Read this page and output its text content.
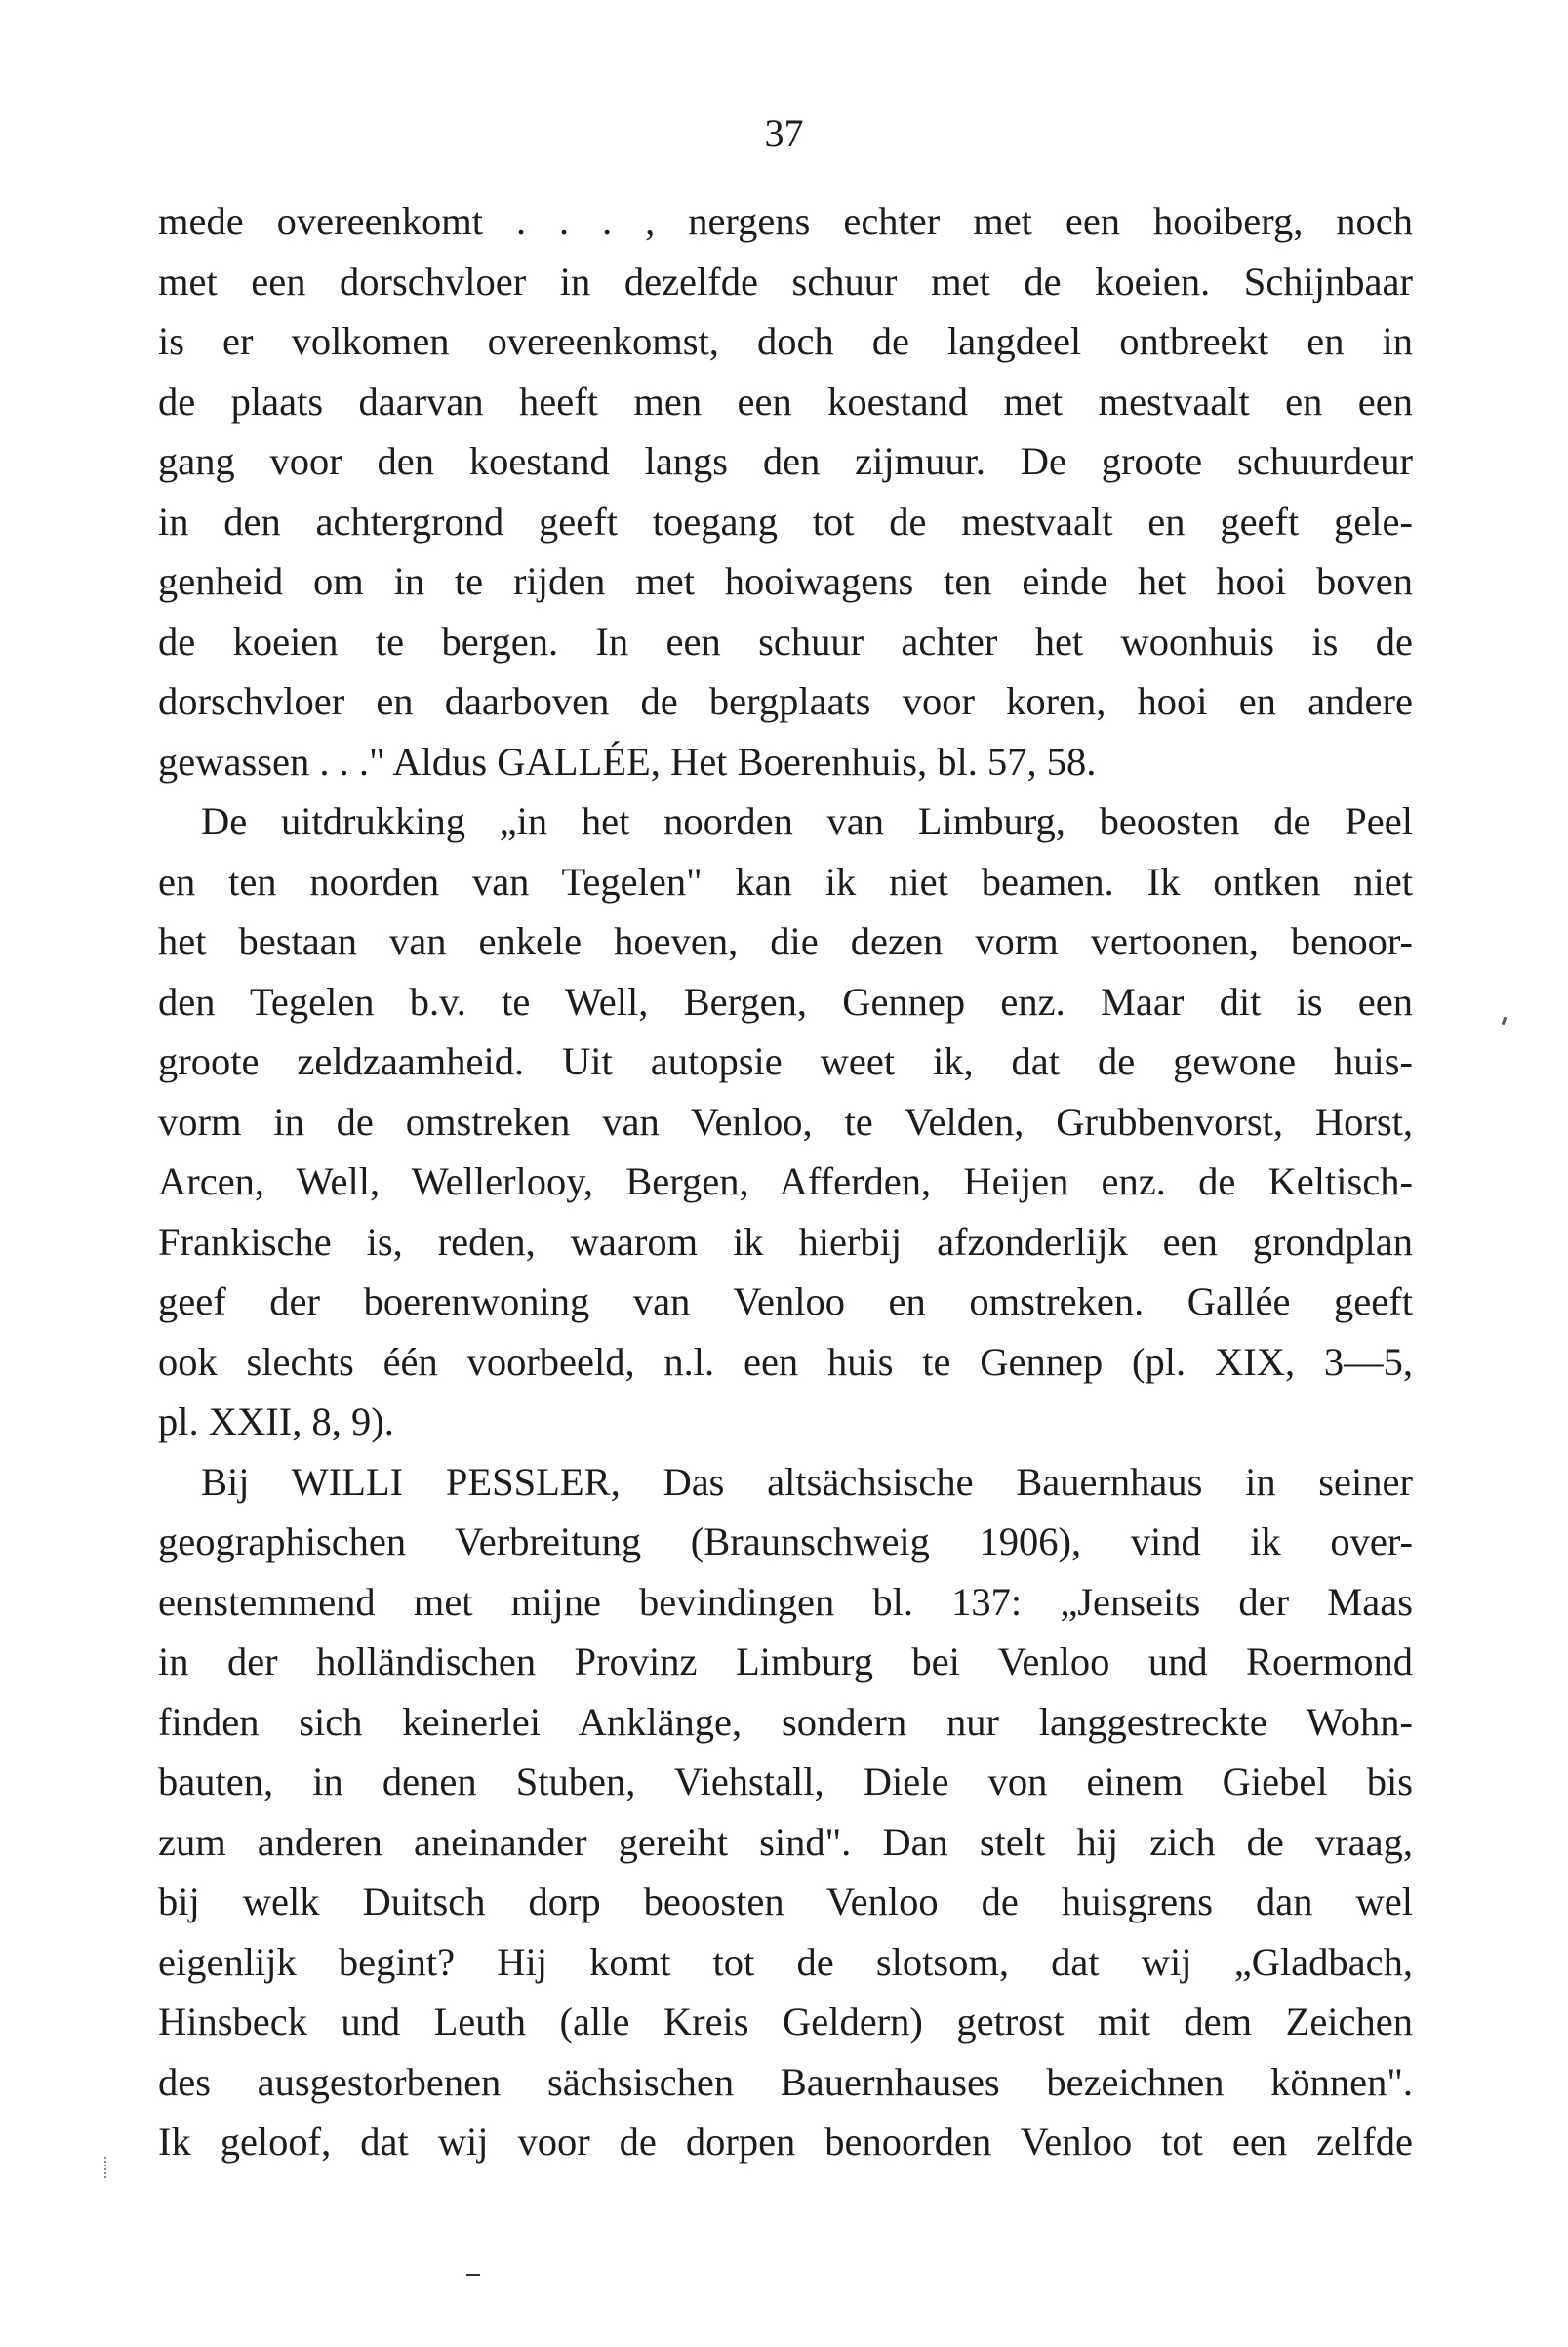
37
mede overeenkomt . . . , nergens echter met een hooiberg, noch
met een dorschvloer in dezelfde schuur met de koeien. Schijnbaar
is er volkomen overeenkomst, doch de langdeel ontbreekt en in
de plaats daarvan heeft men een koestand met mestvaalt en een
gang voor den koestand langs den zijmuur. De groote schuurdeur
in den achtergrond geeft toegang tot de mestvaalt en geeft gele-
genheid om in te rijden met hooiwagens ten einde het hooi boven
de koeien te bergen. In een schuur achter het woonhuis is de
dorschvloer en daarboven de bergplaats voor koren, hooi en andere
gewassen . . ." Aldus GALLÉE, Het Boerenhuis, bl. 57, 58.
De uitdrukking „in het noorden van Limburg, beoosten de Peel
en ten noorden van Tegelen" kan ik niet beamen. Ik ontken niet
het bestaan van enkele hoeven, die dezen vorm vertoonen, benoor-
den Tegelen b.v. te Well, Bergen, Gennep enz. Maar dit is een
groote zeldzaamheid. Uit autopsie weet ik, dat de gewone huis-
vorm in de omstreken van Venloo, te Velden, Grubbenvorst, Horst,
Arcen, Well, Wellerlooy, Bergen, Afferden, Heijen enz. de Keltisch-
Frankische is, reden, waarom ik hierbij afzonderlijk een grondplan
geef der boerenwoning van Venloo en omstreken. Gallée geeft
ook slechts één voorbeeld, n.l. een huis te Gennep (pl. XIX, 3—5,
pl. XXII, 8, 9).
Bij WILLI PESSLER, Das altsächsische Bauernhaus in seiner
geographischen Verbreitung (Braunschweig 1906), vind ik over-
eenstemmend met mijne bevindingen bl. 137: „Jenseits der Maas
in der holländischen Provinz Limburg bei Venloo und Roermond
finden sich keinerlei Anklänge, sondern nur langgestreckte Wohn-
bauten, in denen Stuben, Viehstall, Diele von einem Giebel bis
zum anderen aneinander gereiht sind". Dan stelt hij zich de vraag,
bij welk Duitsch dorp beoosten Venloo de huisgrens dan wel
eigenlijk begint? Hij komt tot de slotsom, dat wij „Gladbach,
Hinsbeck und Leuth (alle Kreis Geldern) getrost mit dem Zeichen
des ausgestorbenen sächsischen Bauernhauses bezeichnen können".
Ik geloof, dat wij voor de dorpen benoorden Venloo tot een zelfde
